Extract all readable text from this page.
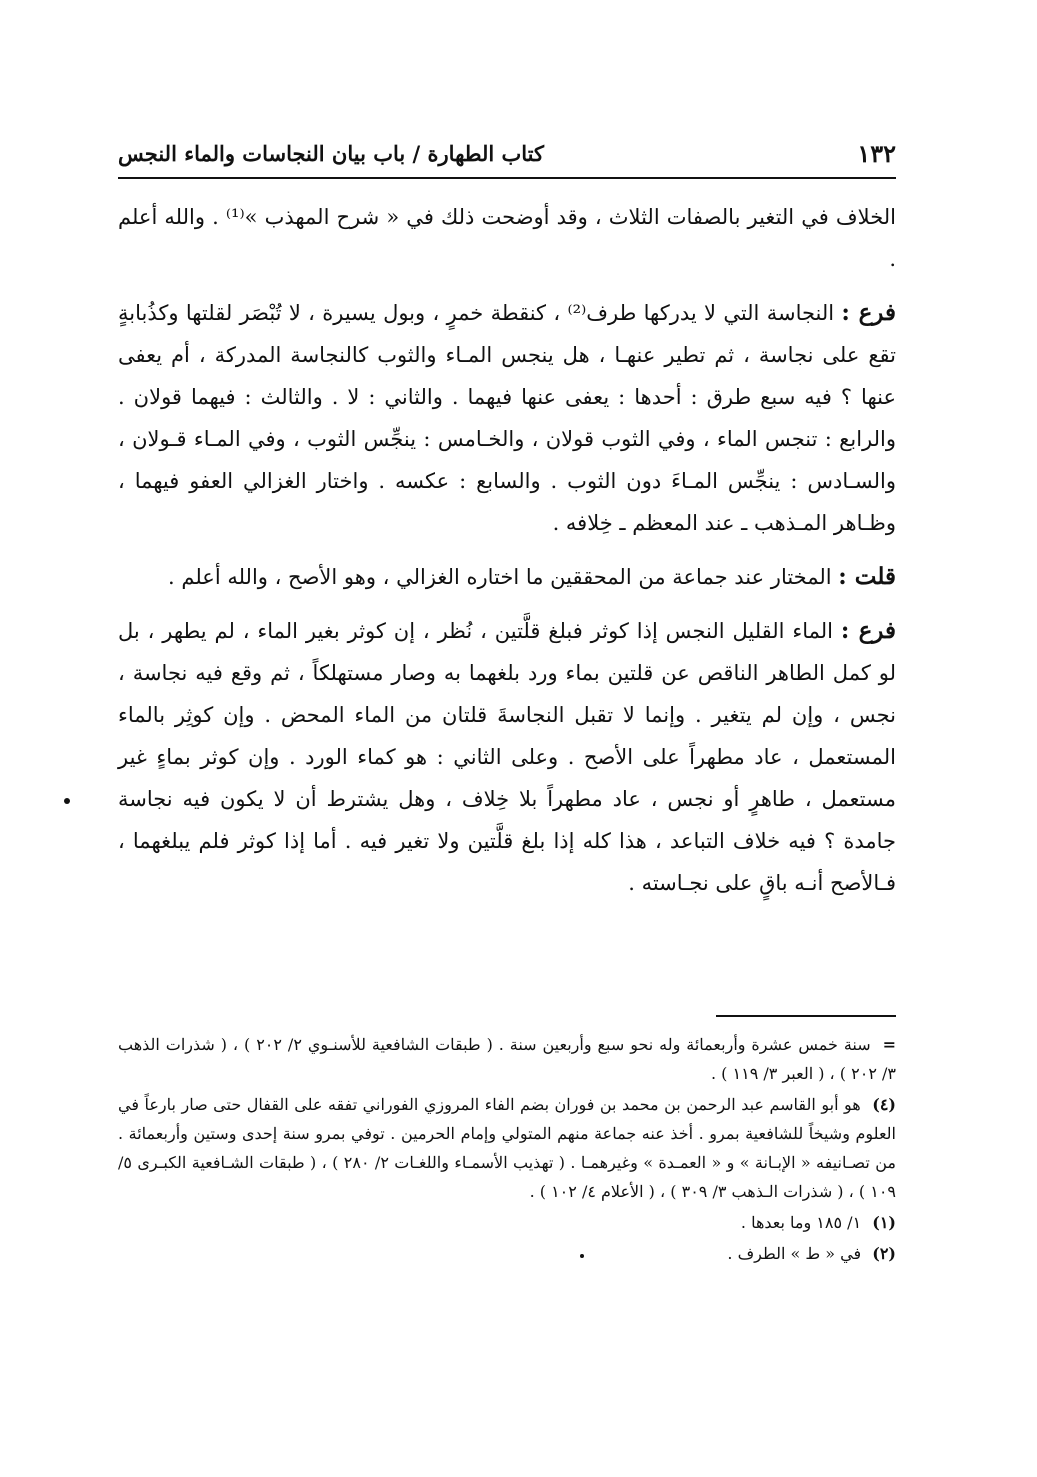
١٣٢
كتاب الطهارة / باب بيان النجاسات والماء النجس

الخلاف في التغير بالصفات الثلاث ، وقد أوضحت ذلك في « شرح المهذب »⁽¹⁾ . والله أعلم .

فرع : النجاسة التي لا يدركها طرف⁽²⁾ ، كنقطة خمرٍ ، وبول يسيرة ، لا تُبْصَر لقلتها وكذُبابةٍ تقع على نجاسة ، ثم تطير عنهـا ، هل ينجس المـاء والثوب كالنجاسة المدركة ، أم يعفى عنها ؟ فيه سبع طرق : أحدها : يعفى عنها فيهما . والثاني : لا . والثالث : فيهما قولان . والرابع : تنجس الماء ، وفي الثوب قولان ، والخـامس : ينجِّس الثوب ، وفي المـاء قـولان ، والسـادس : ينجِّس المـاءَ دون الثوب . والسابع : عكسه . واختار الغزالي العفو فيهما ، وظـاهر المـذهب ـ عند المعظم ـ خِلافه .

قلت : المختار عند جماعة من المحققين ما اختاره الغزالي ، وهو الأصح ، والله أعلم .

فرع : الماء القليل النجس إذا كوثر فبلغ قلَّتين ، نُظر ، إن كوثر بغير الماء ، لم يطهر ، بل لو كمل الطاهر الناقص عن قلتين بماء ورد بلغهما به وصار مستهلكاً ، ثم وقع فيه نجاسة ، نجس ، وإن لم يتغير . وإنما لا تقبل النجاسةَ قلتان من الماء المحض . وإن كوثِر بالماء المستعمل ، عاد مطهراً على الأصح . وعلى الثاني : هو كماء الورد . وإن كوثر بماءٍ غير مستعمل ، طاهرٍ أو نجس ، عاد مطهراً بلا خِلاف ، وهل يشترط أن لا يكون فيه نجاسة جامدة ؟ فيه خلاف التباعد ، هذا كله إذا بلغ قلَّتين ولا تغير فيه . أما إذا كوثر فلم يبلغهما ، فـالأصح أنـه باقٍ على نجـاسته .

= سنة خمس عشرة وأربعمائة وله نحو سبع وأربعين سنة . ( طبقات الشافعية للأسنـوي ٢/ ٢٠٢ ) ، ( شذرات الذهب ٣/ ٢٠٢ ) ، ( العبر ٣/ ١١٩ ) .

(٤) هو أبو القاسم عبد الرحمن بن محمد بن فوران بضم الفاء المروزي الفوراني تفقه على القفال حتى صار بارعاً في العلوم وشيخاً للشافعية بمرو . أخذ عنه جماعة منهم المتولي وإمام الحرمين . توفي بمرو سنة إحدى وستين وأربعمائة . من تصـانيفه « الإبـانة » و « العمـدة » وغيرهمـا . ( تهذيب الأسمـاء واللغـات ٢/ ٢٨٠ ) ، ( طبقات الشـافعية الكبـرى ٥/ ١٠٩ ) ، ( شذرات الـذهب ٣/ ٣٠٩ ) ، ( الأعلام ٤/ ١٠٢ ) .

(١) ١/ ١٨٥ وما بعدها .

(٢) في « ط » الطرف .
